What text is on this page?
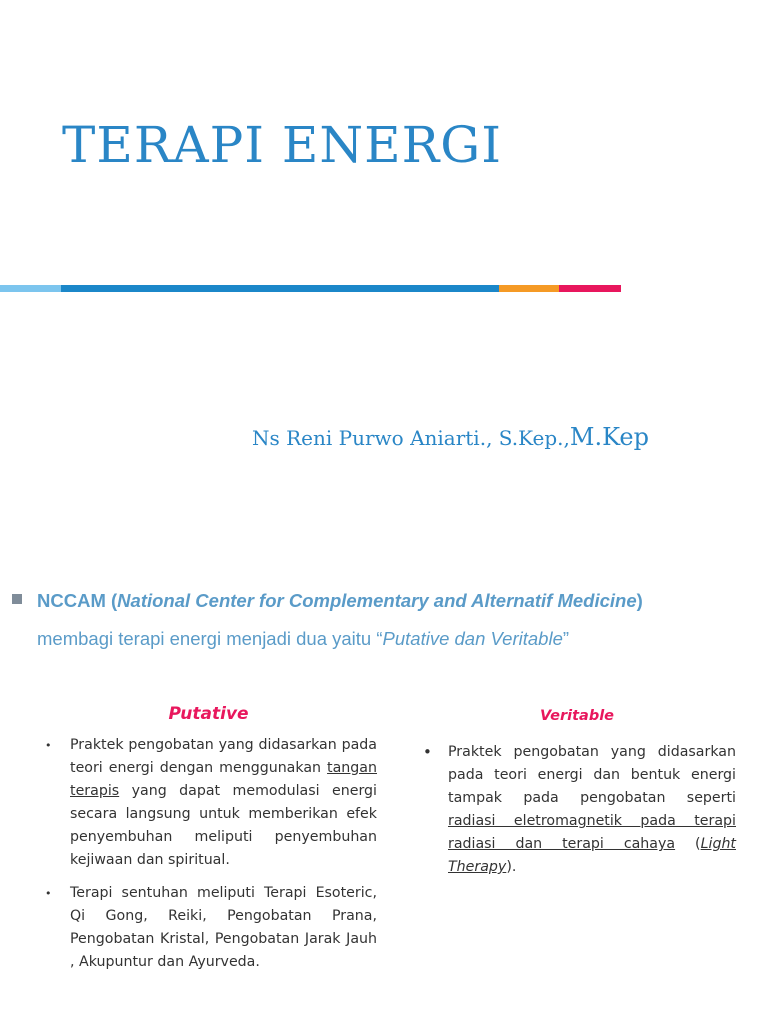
TERAPI ENERGI

Ns Reni Purwo Aniarti., S.Kep.,M.Kep

NCCAM (National Center for Complementary and Alternatif Medicine)
membagi terapi energi menjadi dua yaitu “Putative dan Veritable”
Putative
• Praktek pengobatan yang didasarkan pada teori energi dengan menggunakan tangan terapis yang dapat memodulasi energi secara langsung untuk memberikan efek penyembuhan meliputi penyembuhan kejiwaan dan spiritual.
• Terapi sentuhan meliputi Terapi Esoteric, Qi Gong, Reiki, Pengobatan Prana, Pengobatan Kristal, Pengobatan Jarak Jauh , Akupuntur dan Ayurveda.
Veritable
• Praktek pengobatan yang didasarkan pada teori energi dan bentuk energi tampak pada pengobatan seperti radiasi eletromagnetik pada terapi radiasi dan terapi cahaya (Light Therapy).
